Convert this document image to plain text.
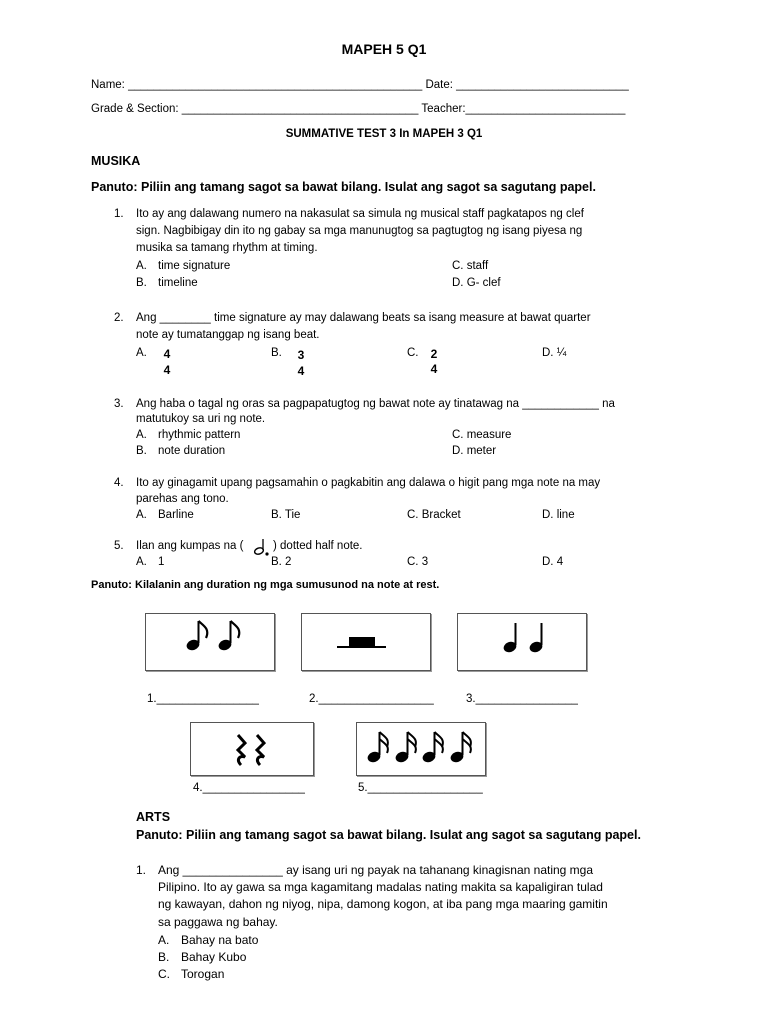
MAPEH 5 Q1
Name: ______________________________________________ Date: ___________________________
Grade & Section: _____________________________________ Teacher:_________________________
SUMMATIVE TEST 3 In MAPEH 3 Q1
MUSIKA
Panuto: Piliin ang tamang sagot sa bawat bilang. Isulat ang sagot sa sagutang papel.
1. Ito ay ang dalawang numero na nakasulat sa simula ng musical staff pagkatapos ng clef
sign. Nagbibigay din ito ng gabay sa mga manunugtog sa pagtugtog ng isang piyesa ng
musika sa tamang rhythm at timing.
A. time signature	C. staff
B. timeline	D. G- clef
2. Ang ________ time signature ay may dalawang beats sa isang measure at bawat quarter
note ay tumatanggap ng isang beat.
A. 4
4
B. 3
4
C. 2
4
D. ¼
3. Ang haba o tagal ng oras sa pagpapatugtog ng bawat note ay tinatawag na ____________ na
matutukoy sa uri ng note.
A. rhythmic pattern	C. measure
B. note duration	D. meter
4. Ito ay ginagamit upang pagsamahin o pagkabitin ang dalawa o higit pang mga note na may
parehas ang tono.
A. Barline	B. Tie	C. Bracket	D. line
5. Ilan ang kumpas na (	) dotted half note.
A. 1	B. 2	C. 3	D. 4
Panuto: Kilalanin ang duration ng mga sumusunod na note at rest.
1.________________	2.__________________	3.________________
4.________________	5.__________________
ARTS
Panuto: Piliin ang tamang sagot sa bawat bilang. Isulat ang sagot sa sagutang papel.
1. Ang _______________ ay isang uri ng payak na tahanang kinagisnan nating mga
Pilipino. Ito ay gawa sa mga kagamitang madalas nating makita sa kapaligiran tulad
ng kawayan, dahon ng niyog, nipa, damong kogon, at iba pang mga maaring gamitin
sa paggawa ng bahay.
A. Bahay na bato
B. Bahay Kubo
C. Torogan
